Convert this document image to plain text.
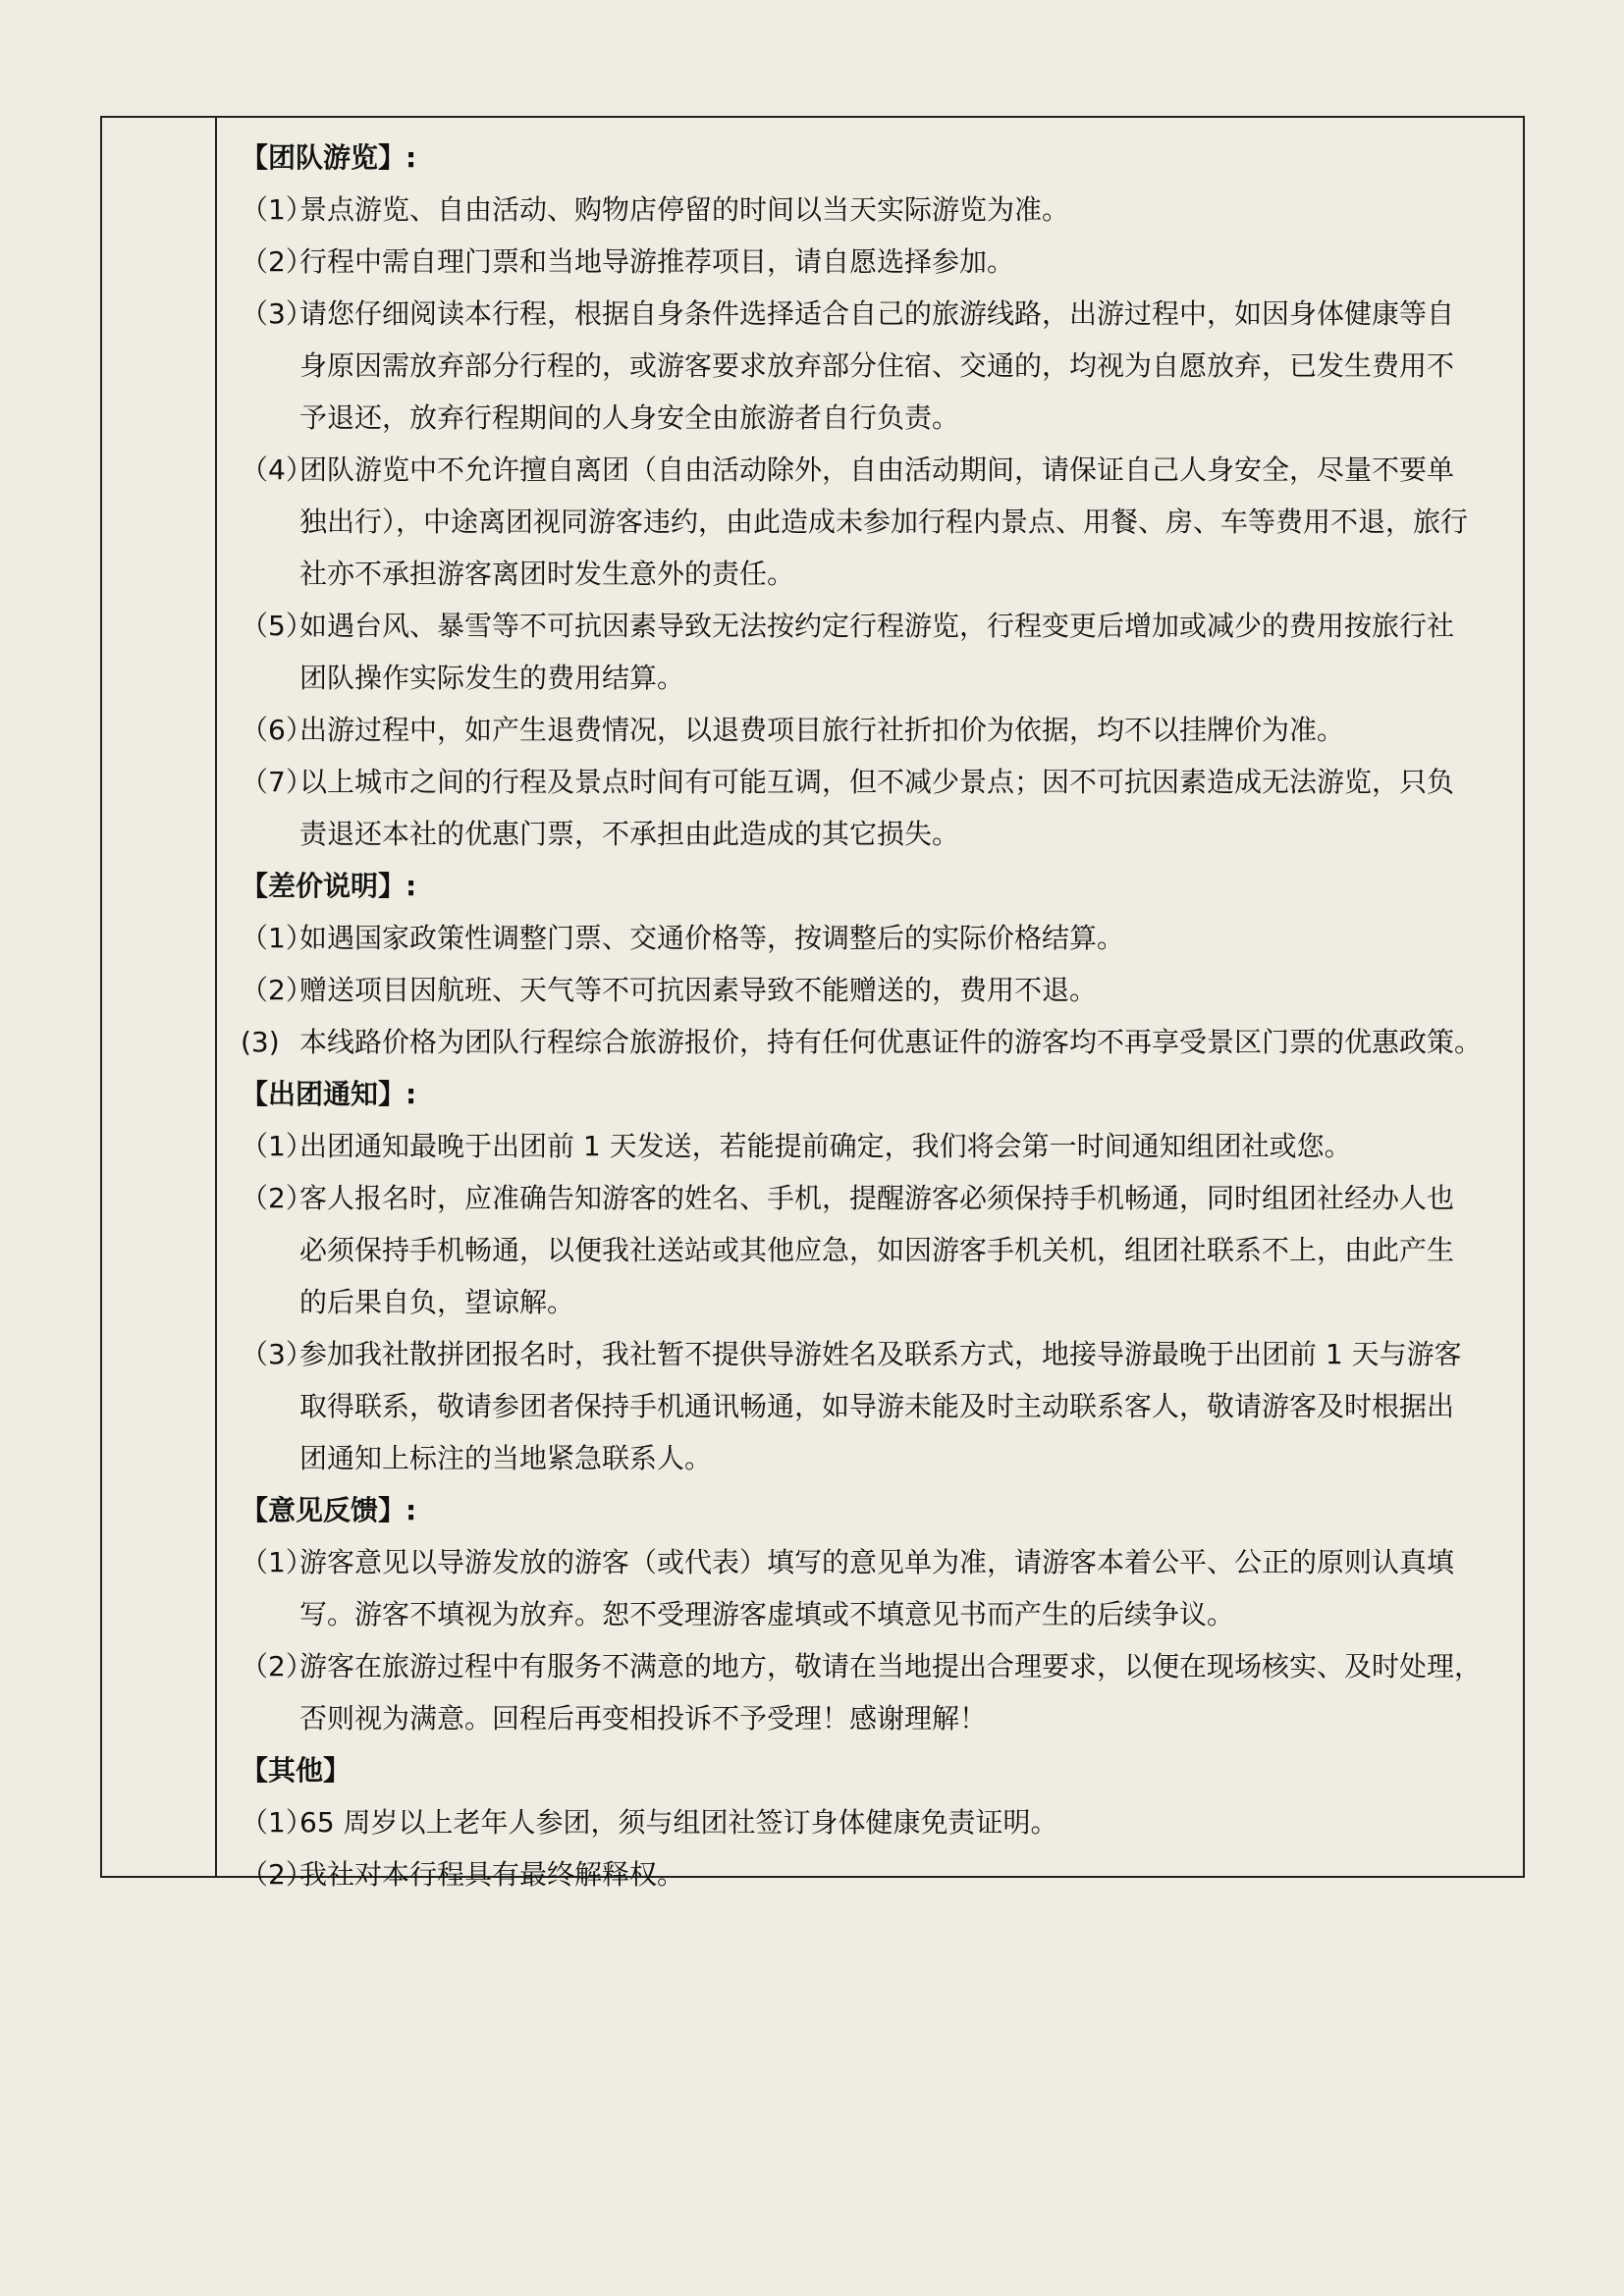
【团队游览】:
（1）
景点游览、自由活动、购物店停留的时间以当天实际游览为准。
（2）
行程中需自理门票和当地导游推荐项目，请自愿选择参加。
（3）
请您仔细阅读本行程，根据自身条件选择适合自己的旅游线路，出游过程中，如因身体健康等自
身原因需放弃部分行程的，或游客要求放弃部分住宿、交通的，均视为自愿放弃，已发生费用不
予退还，放弃行程期间的人身安全由旅游者自行负责。
（4）
团队游览中不允许擅自离团（自由活动除外，自由活动期间，请保证自己人身安全，尽量不要单
独出行），中途离团视同游客违约，由此造成未参加行程内景点、用餐、房、车等费用不退，旅行
社亦不承担游客离团时发生意外的责任。
（5）
如遇台风、暴雪等不可抗因素导致无法按约定行程游览，行程变更后增加或减少的费用按旅行社
团队操作实际发生的费用结算。
（6）
出游过程中，如产生退费情况，以退费项目旅行社折扣价为依据，均不以挂牌价为准。
（7）
以上城市之间的行程及景点时间有可能互调，但不减少景点；因不可抗因素造成无法游览，只负
责退还本社的优惠门票，不承担由此造成的其它损失。
【差价说明】:
（1）
如遇国家政策性调整门票、交通价格等，按调整后的实际价格结算。
（2）
赠送项目因航班、天气等不可抗因素导致不能赠送的，费用不退。
(3) 本线路价格为团队行程综合旅游报价，持有任何优惠证件的游客均不再享受景区门票的优惠政策。
【出团通知】:
（1）
出团通知最晚于出团前 1 天发送，若能提前确定，我们将会第一时间通知组团社或您。
（2）
客人报名时，应准确告知游客的姓名、手机，提醒游客必须保持手机畅通，同时组团社经办人也
必须保持手机畅通，以便我社送站或其他应急，如因游客手机关机，组团社联系不上，由此产生
的后果自负，望谅解。
（3）
参加我社散拼团报名时，我社暂不提供导游姓名及联系方式，地接导游最晚于出团前 1 天与游客
取得联系，敬请参团者保持手机通讯畅通，如导游未能及时主动联系客人，敬请游客及时根据出
团通知上标注的当地紧急联系人。
【意见反馈】:
（1）
游客意见以导游发放的游客（或代表）填写的意见单为准，请游客本着公平、公正的原则认真填
写。游客不填视为放弃。恕不受理游客虚填或不填意见书而产生的后续争议。
（2）
游客在旅游过程中有服务不满意的地方，敬请在当地提出合理要求，以便在现场核实、及时处理，
否则视为满意。回程后再变相投诉不予受理！感谢理解！
【其他】
（1）
65 周岁以上老年人参团，须与组团社签订身体健康免责证明。
（2）
我社对本行程具有最终解释权。
